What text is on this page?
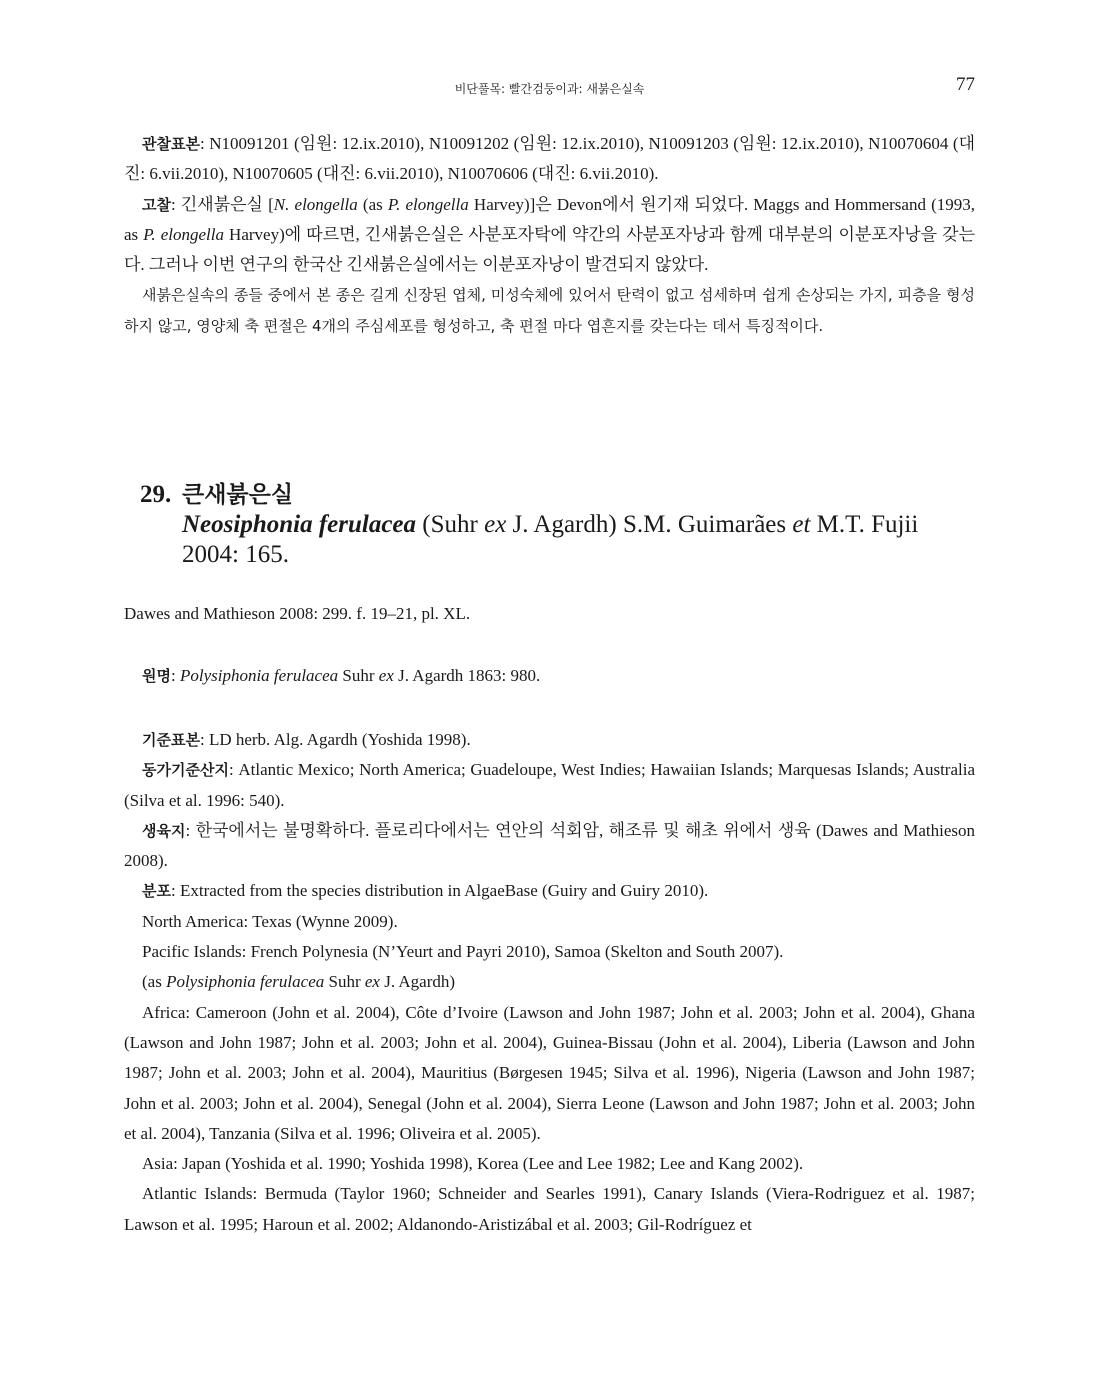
비단풀목: 빨간검둥이과: 새붉은실속	77

관찰표본: N10091201 (임원: 12.ix.2010), N10091202 (임원: 12.ix.2010), N10091203 (임원: 12.ix.2010), N10070604 (대진: 6.vii.2010), N10070605 (대진: 6.vii.2010), N10070606 (대진: 6.vii.2010).

고찰: 긴새붉은실 [N. elongella (as P. elongella Harvey)]은 Devon에서 원기재 되었다. Maggs and Hommersand (1993, as P. elongella Harvey)에 따르면, 긴새붉은실은 사분포자탁에 약간의 사분포자낭과 함께 대부분의 이분포자낭을 갖는다. 그러나 이번 연구의 한국산 긴새붉은실에서는 이분포자낭이 발견되지 않았다.

새붉은실속의 종들 중에서 본 종은 길게 신장된 엽체, 미성숙체에 있어서 탄력이 없고 섬세하며 쉽게 손상되는 가지, 피층을 형성하지 않고, 영양체 축 편절은 4개의 주심세포를 형성하고, 축 편절 마다 엽흔지를 갖는다는 데서 특징적이다.

29. 큰새붉은실
Neosiphonia ferulacea (Suhr ex J. Agardh) S.M. Guimarães et M.T. Fujii 2004: 165.
Dawes and Mathieson 2008: 299. f. 19–21, pl. XL.
원명: Polysiphonia ferulacea Suhr ex J. Agardh 1863: 980.

기준표본: LD herb. Alg. Agardh (Yoshida 1998).

동가기준산지: Atlantic Mexico; North America; Guadeloupe, West Indies; Hawaiian Islands; Marquesas Islands; Australia (Silva et al. 1996: 540).

생육지: 한국에서는 불명확하다. 플로리다에서는 연안의 석회암, 해조류 및 해초 위에서 생육 (Dawes and Mathieson 2008).

분포: Extracted from the species distribution in AlgaeBase (Guiry and Guiry 2010).

North America: Texas (Wynne 2009).

Pacific Islands: French Polynesia (N’Yeurt and Payri 2010), Samoa (Skelton and South 2007).

(as Polysiphonia ferulacea Suhr ex J. Agardh)

Africa: Cameroon (John et al. 2004), Côte d’Ivoire (Lawson and John 1987; John et al. 2003; John et al. 2004), Ghana (Lawson and John 1987; John et al. 2003; John et al. 2004), Guinea-Bissau (John et al. 2004), Liberia (Lawson and John 1987; John et al. 2003; John et al. 2004), Mauritius (Børgesen 1945; Silva et al. 1996), Nigeria (Lawson and John 1987; John et al. 2003; John et al. 2004), Senegal (John et al. 2004), Sierra Leone (Lawson and John 1987; John et al. 2003; John et al. 2004), Tanzania (Silva et al. 1996; Oliveira et al. 2005).

Asia: Japan (Yoshida et al. 1990; Yoshida 1998), Korea (Lee and Lee 1982; Lee and Kang 2002).

Atlantic Islands: Bermuda (Taylor 1960; Schneider and Searles 1991), Canary Islands (Viera-Rodriguez et al. 1987; Lawson et al. 1995; Haroun et al. 2002; Aldanondo-Aristizábal et al. 2003; Gil-Rodríguez et
